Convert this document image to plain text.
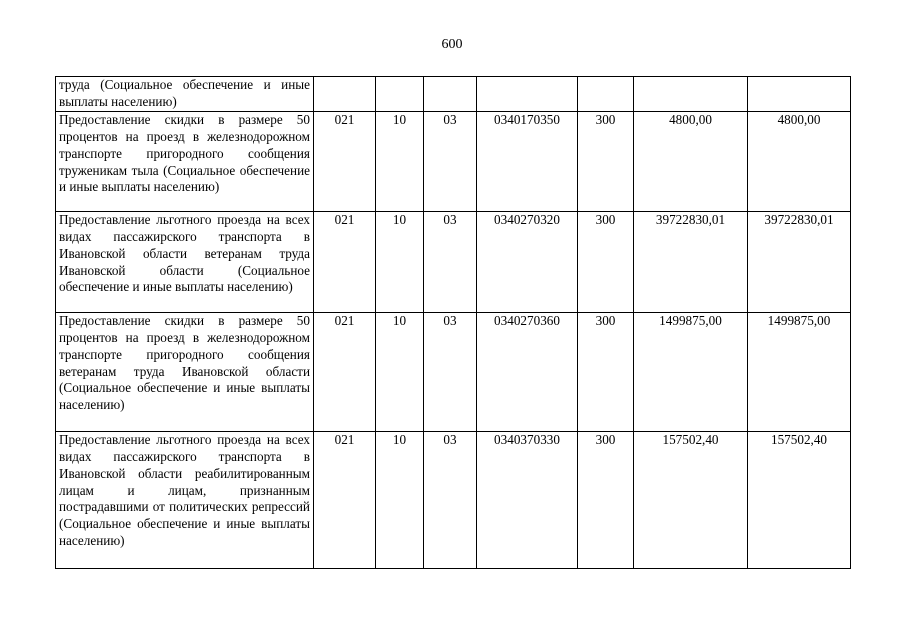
600
труда (Социальное обеспечение и иные выплаты населению)							
Предоставление скидки в размере 50 процентов на проезд в железнодорожном транспорте пригородного сообщения труженикам тыла (Социальное обеспечение и иные выплаты населению)	021	10	03	0340170350	300	4800,00	4800,00
Предоставление льготного проезда на всех видах пассажирского транспорта в Ивановской области ветеранам труда Ивановской области (Социальное обеспечение и иные выплаты населению)	021	10	03	0340270320	300	39722830,01	39722830,01
Предоставление скидки в размере 50 процентов на проезд в железнодорожном транспорте пригородного сообщения ветеранам труда Ивановской области (Социальное обеспечение и иные выплаты населению)	021	10	03	0340270360	300	1499875,00	1499875,00
Предоставление льготного проезда на всех видах пассажирского транспорта в Ивановской области реабилитированным лицам и лицам, признанным пострадавшими от политических репрессий (Социальное обеспечение и иные выплаты населению)	021	10	03	0340370330	300	157502,40	157502,40
